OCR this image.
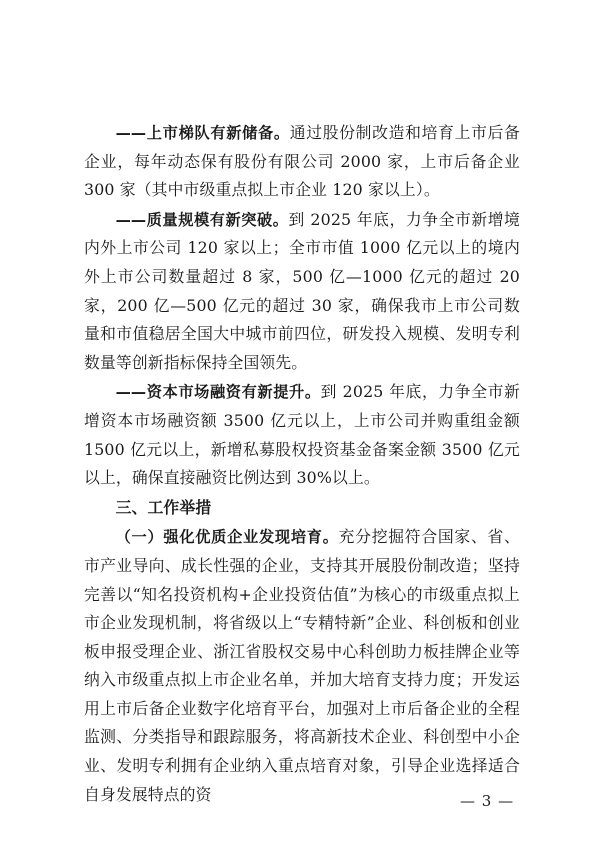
——上市梯队有新储备。通过股份制改造和培育上市后备企业，每年动态保有股份有限公司 2000 家，上市后备企业 300 家（其中市级重点拟上市企业 120 家以上）。

——质量规模有新突破。到 2025 年底，力争全市新增境内外上市公司 120 家以上；全市市值 1000 亿元以上的境内外上市公司数量超过 8 家，500 亿—1000 亿元的超过 20 家，200 亿—500 亿元的超过 30 家，确保我市上市公司数量和市值稳居全国大中城市前四位，研发投入规模、发明专利数量等创新指标保持全国领先。

——资本市场融资有新提升。到 2025 年底，力争全市新增资本市场融资额 3500 亿元以上，上市公司并购重组金额 1500 亿元以上，新增私募股权投资基金备案金额 3500 亿元以上，确保直接融资比例达到 30%以上。

三、工作举措

（一）强化优质企业发现培育。充分挖掘符合国家、省、市产业导向、成长性强的企业，支持其开展股份制改造；坚持完善以“知名投资机构+企业投资估值”为核心的市级重点拟上市企业发现机制，将省级以上“专精特新”企业、科创板和创业板申报受理企业、浙江省股权交易中心科创助力板挂牌企业等纳入市级重点拟上市企业名单，并加大培育支持力度；开发运用上市后备企业数字化培育平台，加强对上市后备企业的全程监测、分类指导和跟踪服务，将高新技术企业、科创型中小企业、发明专利拥有企业纳入重点培育对象，引导企业选择适合自身发展特点的资	— 3 —
